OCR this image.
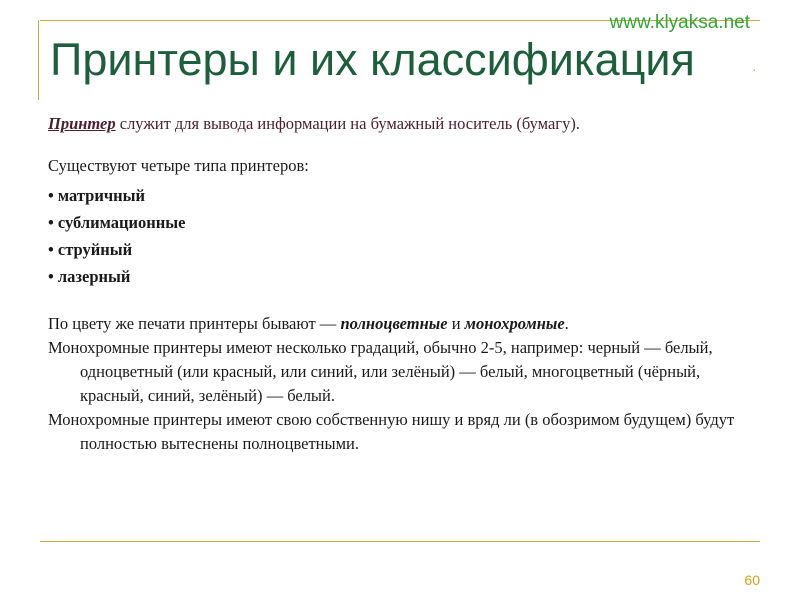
www.klyaksa.net
.
Принтеры и их классификация

Принтер служит для вывода информации на бумажный носитель (бумагу).

Существуют четыре типа принтеров:

• матричный

• сублимационные

• струйный

• лазерный

По цвету же печати принтеры бывают — полноцветные и монохромные.

Монохромные принтеры имеют несколько градаций, обычно 2-5, например: черный — белый, одноцветный (или красный, или синий, или зелёный) — белый, многоцветный (чёрный, красный, синий, зелёный) — белый.

Монохромные принтеры имеют свою собственную нишу и вряд ли (в обозримом будущем) будут полностью вытеснены полноцветными.

60
